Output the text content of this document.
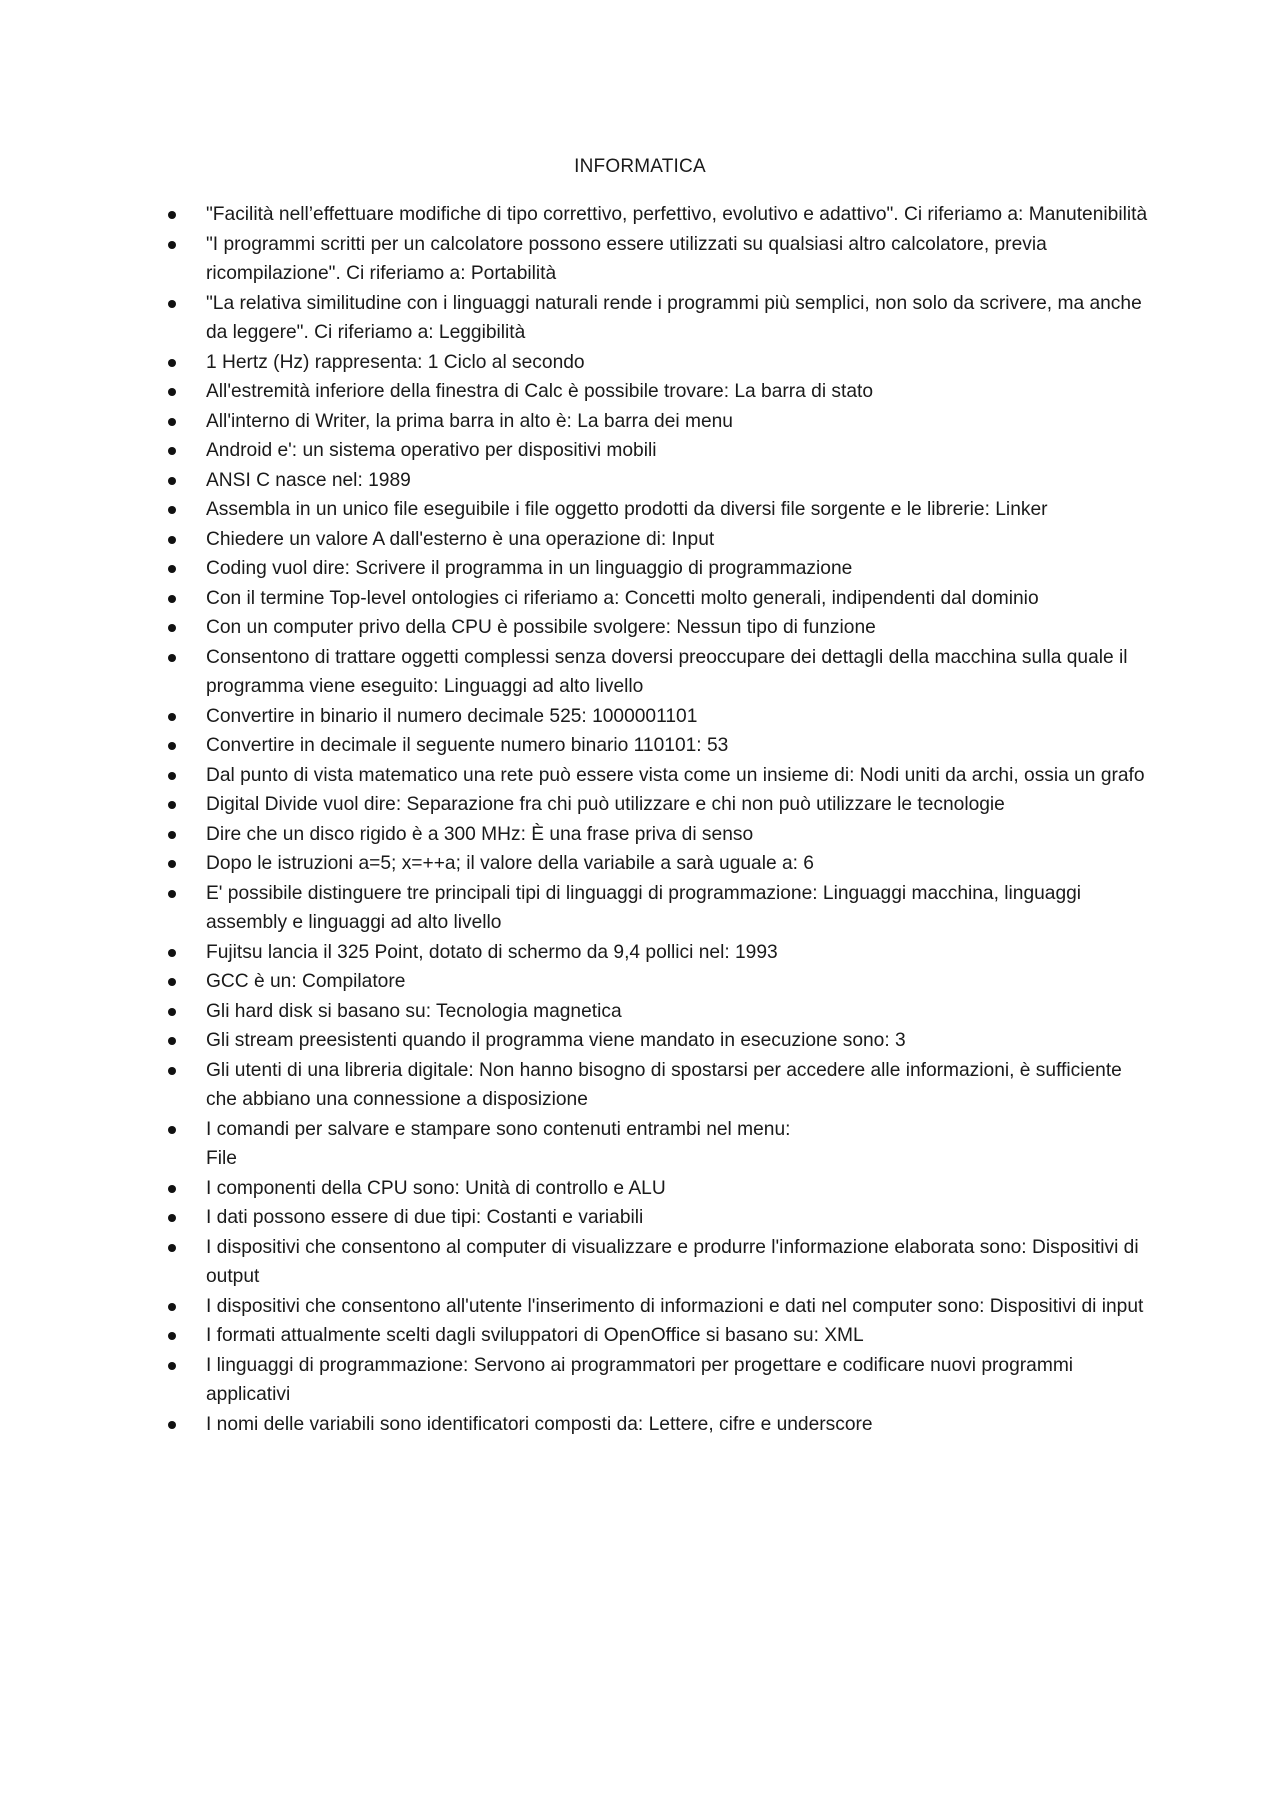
INFORMATICA
"Facilità nell’effettuare modifiche di tipo correttivo, perfettivo, evolutivo e adattivo". Ci riferiamo a: Manutenibilità
"I programmi scritti per un calcolatore possono essere utilizzati su qualsiasi altro calcolatore, previa ricompilazione". Ci riferiamo a: Portabilità
"La relativa similitudine con i linguaggi naturali rende i programmi più semplici, non solo da scrivere, ma anche da leggere". Ci riferiamo a: Leggibilità
1 Hertz (Hz) rappresenta: 1 Ciclo al secondo
All'estremità inferiore della finestra di Calc è possibile trovare: La barra di stato
All'interno di Writer, la prima barra in alto è: La barra dei menu
Android e': un sistema operativo per dispositivi mobili
ANSI C nasce nel: 1989
Assembla in un unico file eseguibile i file oggetto prodotti da diversi file sorgente e le librerie: Linker
Chiedere un valore A dall'esterno è una operazione di: Input
Coding vuol dire: Scrivere il programma in un linguaggio di programmazione
Con il termine Top-level ontologies ci riferiamo a: Concetti molto generali, indipendenti dal dominio
Con un computer privo della CPU è possibile svolgere: Nessun tipo di funzione
Consentono di trattare oggetti complessi senza doversi preoccupare dei dettagli della macchina sulla quale il programma viene eseguito: Linguaggi ad alto livello
Convertire in binario il numero decimale 525: 1000001101
Convertire in decimale il seguente numero binario 110101: 53
Dal punto di vista matematico una rete può essere vista come un insieme di: Nodi uniti da archi, ossia un grafo
Digital Divide vuol dire: Separazione fra chi può utilizzare e chi non può utilizzare le tecnologie
Dire che un disco rigido è a 300 MHz: È una frase priva di senso
Dopo le istruzioni a=5; x=++a; il valore della variabile a sarà uguale a: 6
E' possibile distinguere tre principali tipi di linguaggi di programmazione: Linguaggi macchina, linguaggi assembly e linguaggi ad alto livello
Fujitsu lancia il 325 Point, dotato di schermo da 9,4 pollici nel: 1993
GCC è un: Compilatore
Gli hard disk si basano su: Tecnologia magnetica
Gli stream preesistenti quando il programma viene mandato in esecuzione sono: 3
Gli utenti di una libreria digitale: Non hanno bisogno di spostarsi per accedere alle informazioni, è sufficiente che abbiano una connessione a disposizione
I comandi per salvare e stampare sono contenuti entrambi nel menu:
File
I componenti della CPU sono: Unità di controllo e ALU
I dati possono essere di due tipi: Costanti e variabili
I dispositivi che consentono al computer di visualizzare e produrre l'informazione elaborata sono: Dispositivi di output
I dispositivi che consentono all'utente l'inserimento di informazioni e dati nel computer sono: Dispositivi di input
I formati attualmente scelti dagli sviluppatori di OpenOffice si basano su: XML
I linguaggi di programmazione: Servono ai programmatori per progettare e codificare nuovi programmi applicativi
I nomi delle variabili sono identificatori composti da: Lettere, cifre e underscore
